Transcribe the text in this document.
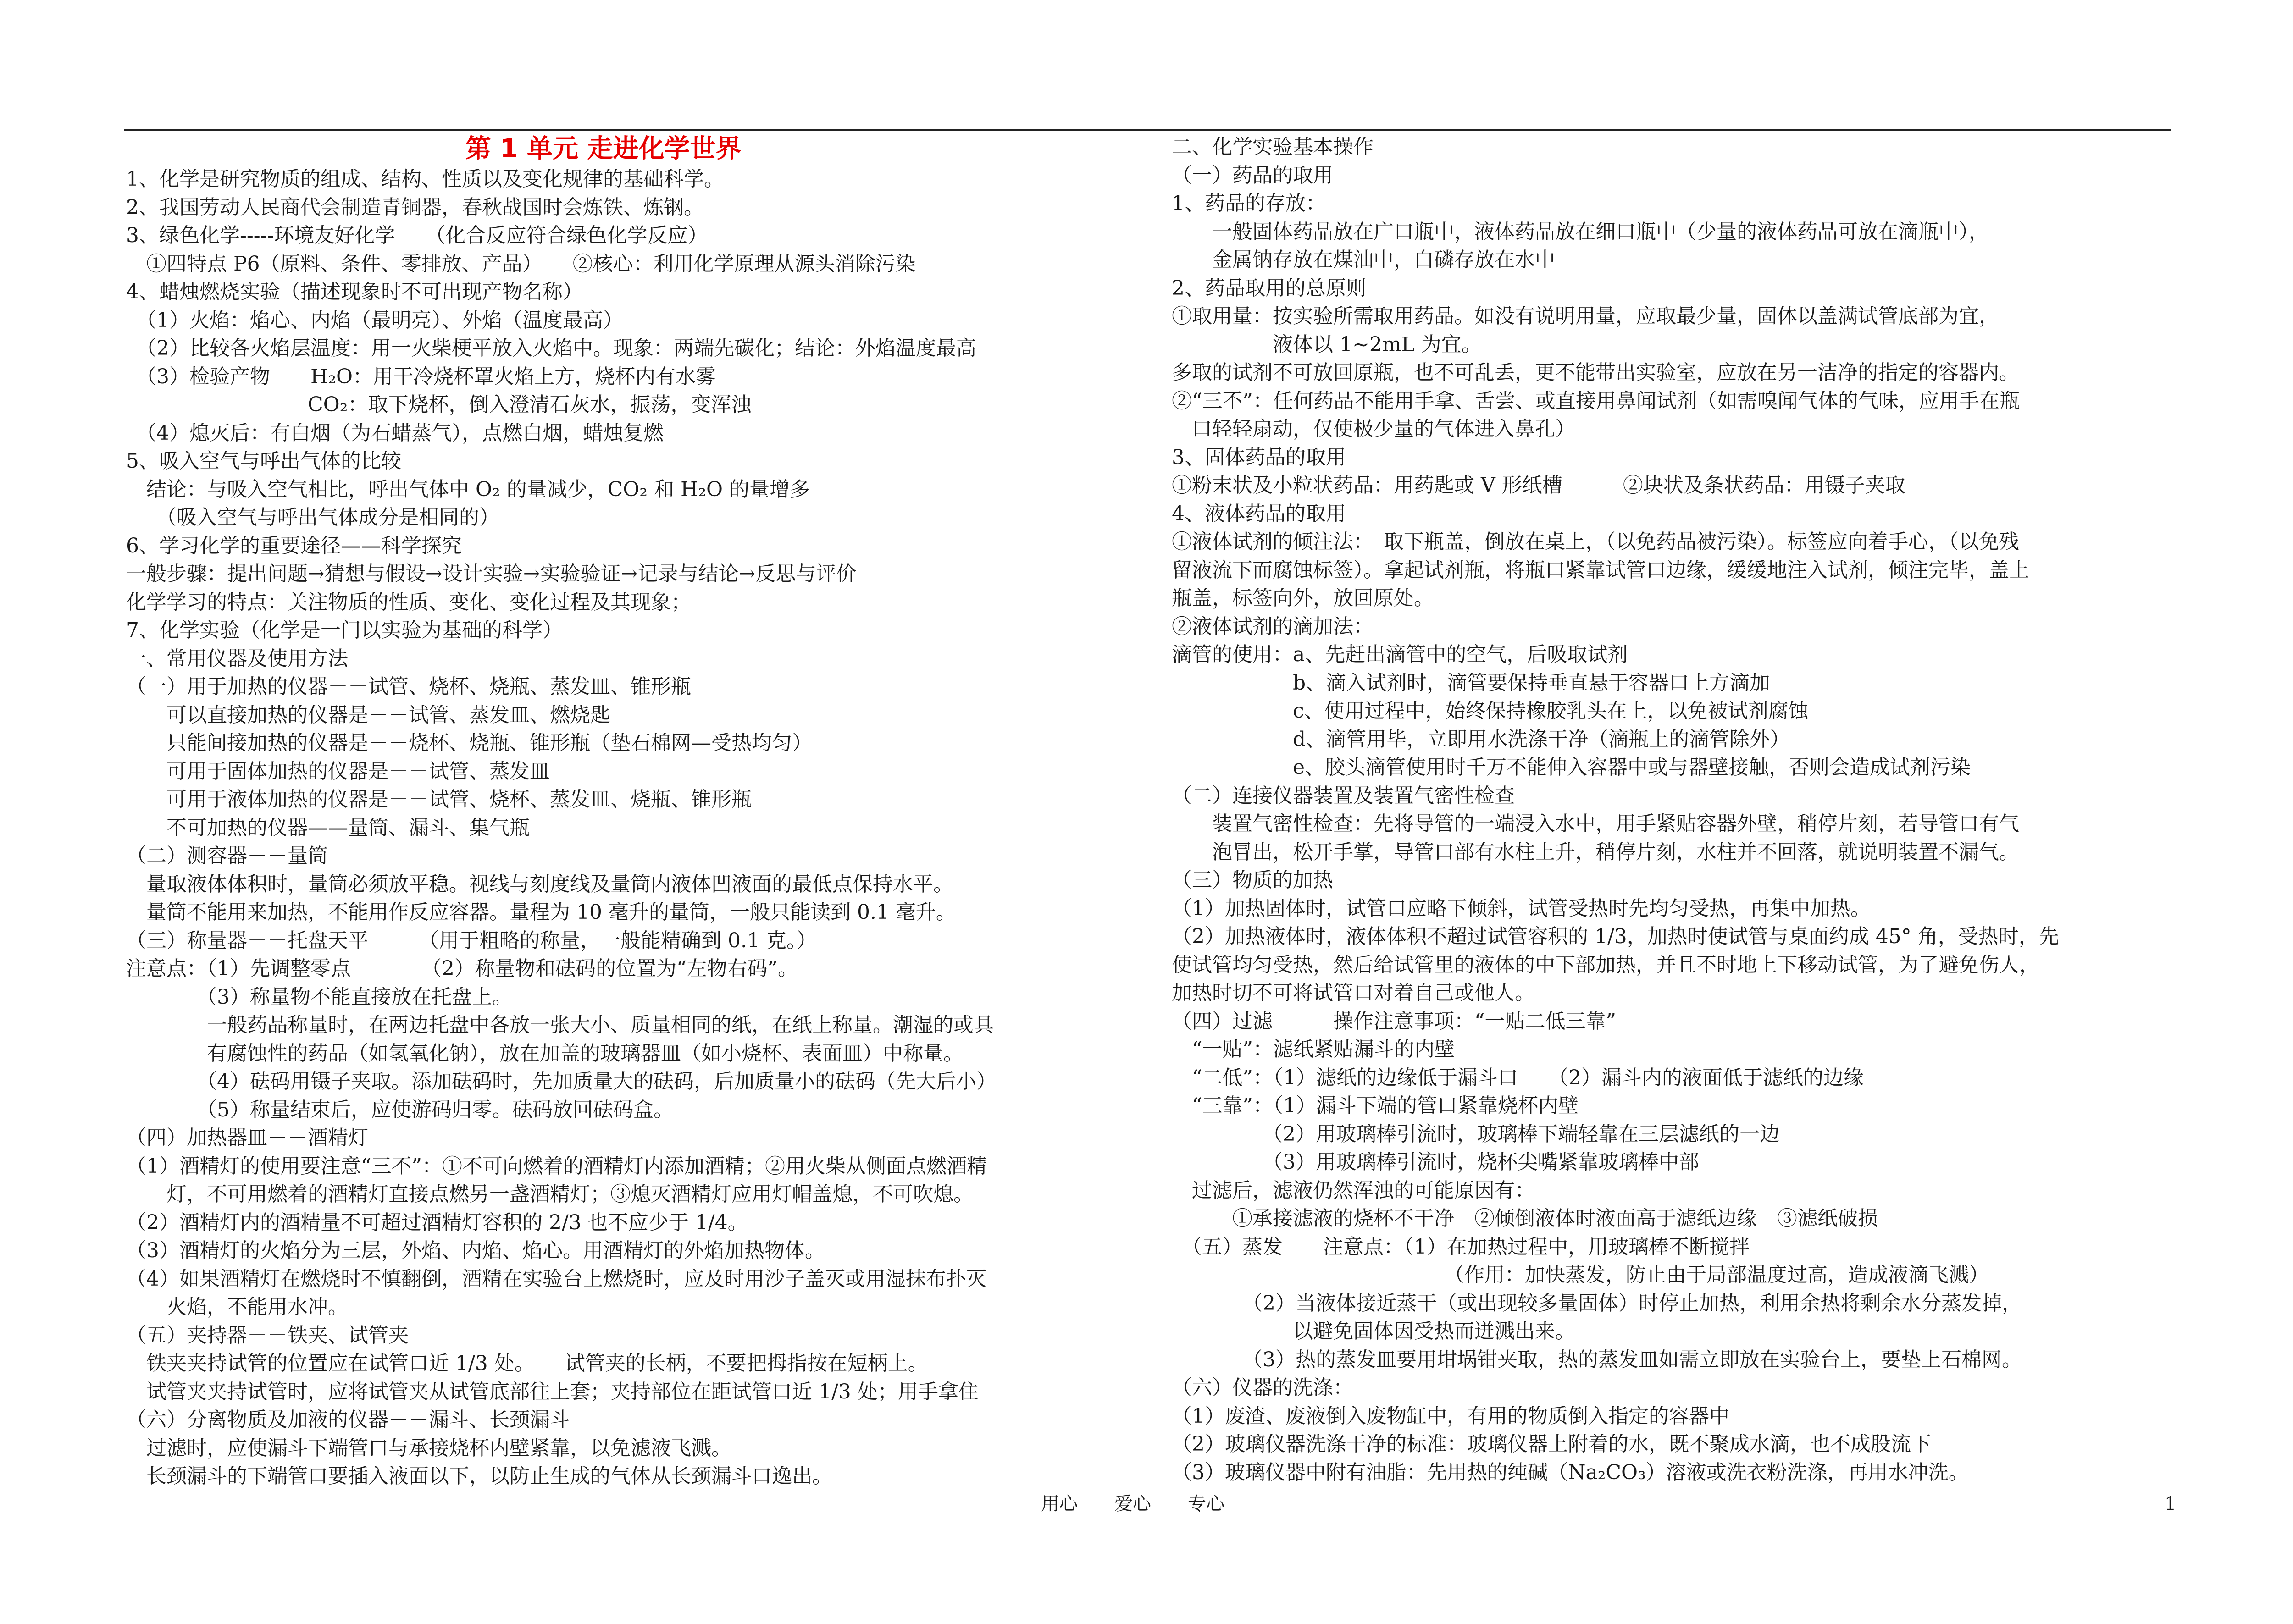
第 1 单元 走进化学世界
1、化学是研究物质的组成、结构、性质以及变化规律的基础科学。
2、我国劳动人民商代会制造青铜器，春秋战国时会炼铁、炼钢。
3、绿色化学-----环境友好化学　　（化合反应符合绿色化学反应）
　①四特点 P6（原料、条件、零排放、产品）　　②核心：利用化学原理从源头消除污染
4、蜡烛燃烧实验（描述现象时不可出现产物名称）
　（1）火焰：焰心、内焰（最明亮）、外焰（温度最高）
　（2）比较各火焰层温度：用一火柴梗平放入火焰中。现象：两端先碳化；结论：外焰温度最高
　（3）检验产物　　H₂O：用干冷烧杯罩火焰上方，烧杯内有水雾
　　　　　　　　　CO₂：取下烧杯，倒入澄清石灰水，振荡，变浑浊
　（4）熄灭后：有白烟（为石蜡蒸气），点燃白烟，蜡烛复燃
5、吸入空气与呼出气体的比较
　结论：与吸入空气相比，呼出气体中 O₂ 的量减少，CO₂ 和 H₂O 的量增多
　　（吸入空气与呼出气体成分是相同的）
6、学习化学的重要途径——科学探究
一般步骤：提出问题→猜想与假设→设计实验→实验验证→记录与结论→反思与评价
化学学习的特点：关注物质的性质、变化、变化过程及其现象；
7、化学实验（化学是一门以实验为基础的科学）
一、常用仪器及使用方法
（一）用于加热的仪器－－试管、烧杯、烧瓶、蒸发皿、锥形瓶
　　可以直接加热的仪器是－－试管、蒸发皿、燃烧匙
　　只能间接加热的仪器是－－烧杯、烧瓶、锥形瓶（垫石棉网—受热均匀）
　　可用于固体加热的仪器是－－试管、蒸发皿
　　可用于液体加热的仪器是－－试管、烧杯、蒸发皿、烧瓶、锥形瓶
　　不可加热的仪器——量筒、漏斗、集气瓶
（二）测容器－－量筒
　量取液体体积时，量筒必须放平稳。视线与刻度线及量筒内液体凹液面的最低点保持水平。
　量筒不能用来加热，不能用作反应容器。量程为 10 毫升的量筒，一般只能读到 0.1 毫升。
（三）称量器－－托盘天平　　　（用于粗略的称量，一般能精确到 0.1 克。）
注意点：（1）先调整零点　　　　（2）称量物和砝码的位置为“左物右码”。
　　　　（3）称量物不能直接放在托盘上。
　　　　一般药品称量时，在两边托盘中各放一张大小、质量相同的纸，在纸上称量。潮湿的或具
　　　　有腐蚀性的药品（如氢氧化钠），放在加盖的玻璃器皿（如小烧杯、表面皿）中称量。
　　　　（4）砝码用镊子夹取。添加砝码时，先加质量大的砝码，后加质量小的砝码（先大后小）
　　　　（5）称量结束后，应使游码归零。砝码放回砝码盒。
（四）加热器皿－－酒精灯
（1）酒精灯的使用要注意“三不”：①不可向燃着的酒精灯内添加酒精；②用火柴从侧面点燃酒精
　　灯，不可用燃着的酒精灯直接点燃另一盏酒精灯；③熄灭酒精灯应用灯帽盖熄，不可吹熄。
（2）酒精灯内的酒精量不可超过酒精灯容积的 2/3 也不应少于 1/4。
（3）酒精灯的火焰分为三层，外焰、内焰、焰心。用酒精灯的外焰加热物体。
（4）如果酒精灯在燃烧时不慎翻倒，酒精在实验台上燃烧时，应及时用沙子盖灭或用湿抹布扑灭
　　火焰，不能用水冲。
（五）夹持器－－铁夹、试管夹
　铁夹夹持试管的位置应在试管口近 1/3 处。　　试管夹的长柄，不要把拇指按在短柄上。
　试管夹夹持试管时，应将试管夹从试管底部往上套；夹持部位在距试管口近 1/3 处；用手拿住
（六）分离物质及加液的仪器－－漏斗、长颈漏斗
　过滤时，应使漏斗下端管口与承接烧杯内壁紧靠，以免滤液飞溅。
　长颈漏斗的下端管口要插入液面以下，以防止生成的气体从长颈漏斗口逸出。
二、化学实验基本操作
（一）药品的取用
1、药品的存放：
　　一般固体药品放在广口瓶中，液体药品放在细口瓶中（少量的液体药品可放在滴瓶中），
　　金属钠存放在煤油中，白磷存放在水中
2、药品取用的总原则
①取用量：按实验所需取用药品。如没有说明用量，应取最少量，固体以盖满试管底部为宜，
　　　　　液体以 1~2mL 为宜。
多取的试剂不可放回原瓶，也不可乱丢，更不能带出实验室，应放在另一洁净的指定的容器内。
②“三不”：任何药品不能用手拿、舌尝、或直接用鼻闻试剂（如需嗅闻气体的气味，应用手在瓶
　口轻轻扇动，仅使极少量的气体进入鼻孔）
3、固体药品的取用
①粉末状及小粒状药品：用药匙或 V 形纸槽　　　②块状及条状药品：用镊子夹取
4、液体药品的取用
①液体试剂的倾注法：　取下瓶盖，倒放在桌上，（以免药品被污染）。标签应向着手心，（以免残
留液流下而腐蚀标签）。拿起试剂瓶，将瓶口紧靠试管口边缘，缓缓地注入试剂，倾注完毕，盖上
瓶盖，标签向外，放回原处。
②液体试剂的滴加法：
滴管的使用：a、先赶出滴管中的空气，后吸取试剂
　　　　　　b、滴入试剂时，滴管要保持垂直悬于容器口上方滴加
　　　　　　c、使用过程中，始终保持橡胶乳头在上，以免被试剂腐蚀
　　　　　　d、滴管用毕，立即用水洗涤干净（滴瓶上的滴管除外）
　　　　　　e、胶头滴管使用时千万不能伸入容器中或与器壁接触，否则会造成试剂污染
（二）连接仪器装置及装置气密性检查
　　装置气密性检查：先将导管的一端浸入水中，用手紧贴容器外壁，稍停片刻，若导管口有气
　　泡冒出，松开手掌，导管口部有水柱上升，稍停片刻，水柱并不回落，就说明装置不漏气。
（三）物质的加热
（1）加热固体时，试管口应略下倾斜，试管受热时先均匀受热，再集中加热。
（2）加热液体时，液体体积不超过试管容积的 1/3，加热时使试管与桌面约成 45° 角，受热时，先
使试管均匀受热，然后给试管里的液体的中下部加热，并且不时地上下移动试管，为了避免伤人，
加热时切不可将试管口对着自己或他人。
（四）过滤　　　操作注意事项：“一贴二低三靠”
　“一贴”：滤纸紧贴漏斗的内壁
　“二低”：（1）滤纸的边缘低于漏斗口　　（2）漏斗内的液面低于滤纸的边缘
　“三靠”：（1）漏斗下端的管口紧靠烧杯内壁
　　　　　（2）用玻璃棒引流时，玻璃棒下端轻靠在三层滤纸的一边
　　　　　（3）用玻璃棒引流时，烧杯尖嘴紧靠玻璃棒中部
　过滤后，滤液仍然浑浊的可能原因有：
　　　①承接滤液的烧杯不干净　②倾倒液体时液面高于滤纸边缘　③滤纸破损
　（五）蒸发　　注意点：（1）在加热过程中，用玻璃棒不断搅拌
　　　　　　　　　　　　　　（作用：加快蒸发，防止由于局部温度过高，造成液滴飞溅）
　　　　（2）当液体接近蒸干（或出现较多量固体）时停止加热，利用余热将剩余水分蒸发掉，
　　　　　　以避免固体因受热而迸溅出来。
　　　　（3）热的蒸发皿要用坩埚钳夹取，热的蒸发皿如需立即放在实验台上，要垫上石棉网。
（六）仪器的洗涤：
（1）废渣、废液倒入废物缸中，有用的物质倒入指定的容器中
（2）玻璃仪器洗涤干净的标准：玻璃仪器上附着的水，既不聚成水滴，也不成股流下
（3）玻璃仪器中附有油脂：先用热的纯碱（Na₂CO₃）溶液或洗衣粉洗涤，再用水冲洗。
用心　　爱心　　专心	1
